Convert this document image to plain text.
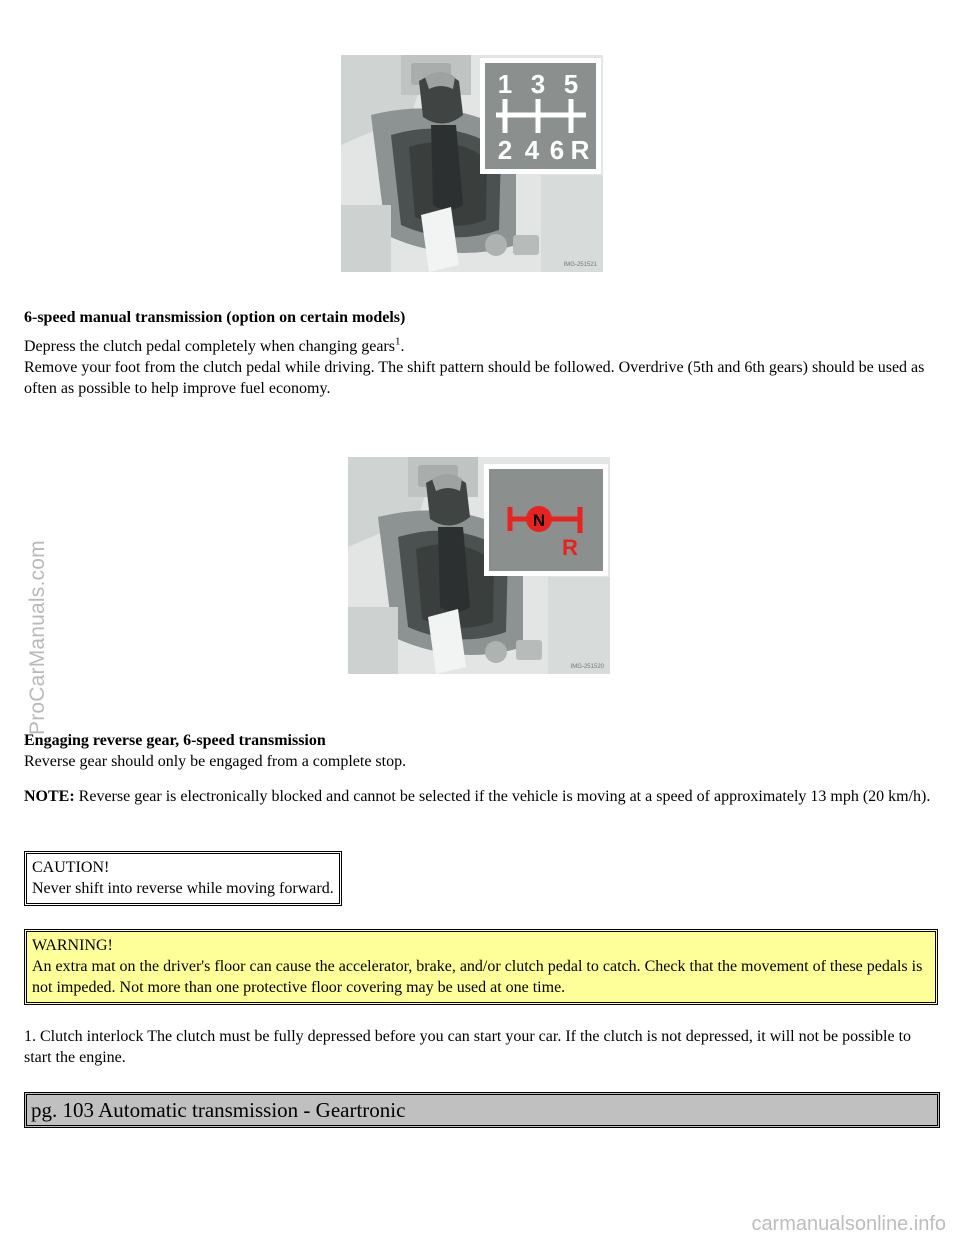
ProCarManuals.com
1 3 5
2 4 6 R
IMG-251521

6-speed manual transmission (option on certain models)

Depress the clutch pedal completely when changing gears$^1$.

Remove your foot from the clutch pedal while driving. The shift pattern should be followed. Overdrive (5th and 6th gears) should be used as often as possible to help improve fuel economy.

N
R
IMG-251520

Engaging reverse gear, 6-speed transmission

Reverse gear should only be engaged from a complete stop.

NOTE: Reverse gear is electronically blocked and cannot be selected if the vehicle is moving at a speed of approximately 13 mph (20 km/h).

CAUTION!

Never shift into reverse while moving forward.

WARNING!

An extra mat on the driver's floor can cause the accelerator, brake, and/or clutch pedal to catch. Check that the movement of these pedals is not impeded. Not more than one protective floor covering may be used at one time.

1. Clutch interlock The clutch must be fully depressed before you can start your car. If the clutch is not depressed, it will not be possible to start the engine.

pg. 103 Automatic transmission - Geartronic
carmanualsonline.info
